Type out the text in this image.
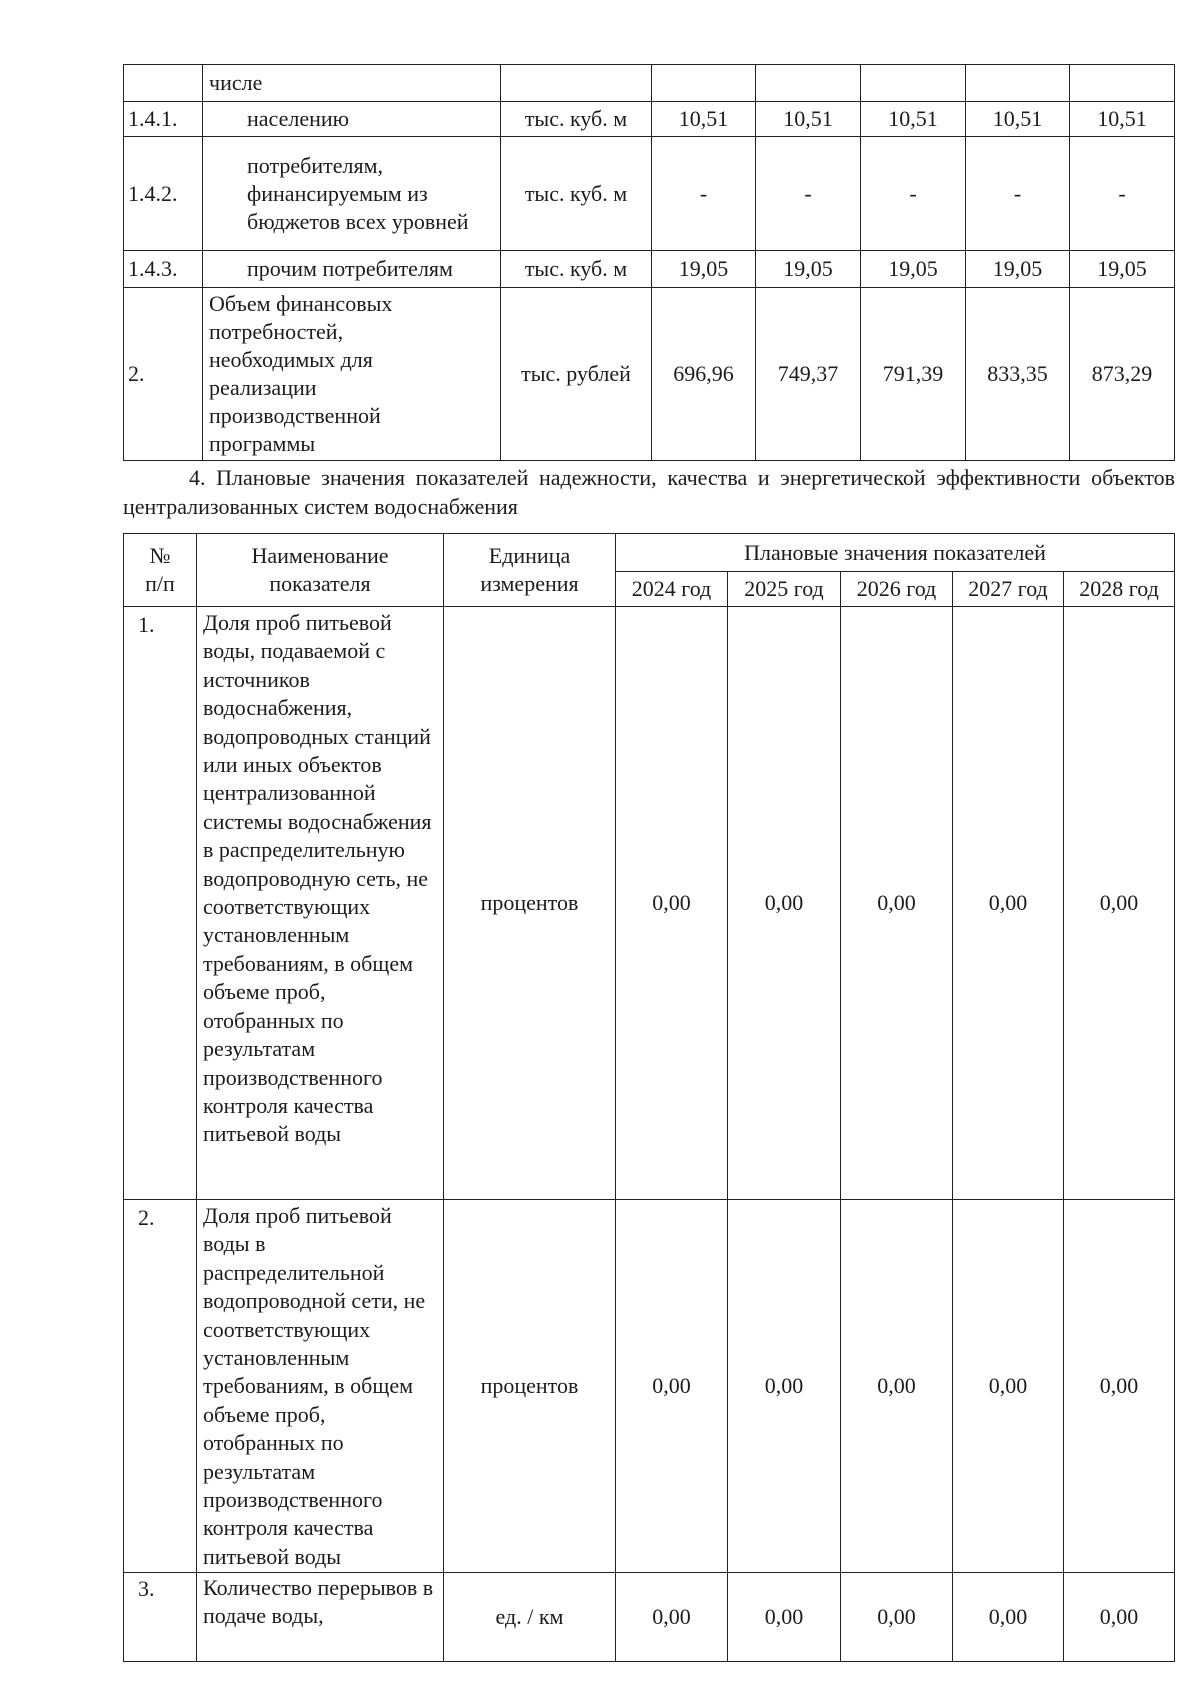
	числе						
1.4.1.	населению	тыс. куб. м	10,51	10,51	10,51	10,51	10,51
1.4.2.	потребителям, финансируемым из бюджетов всех уровней	тыс. куб. м	-	-	-	-	-
1.4.3.	прочим потребителям	тыс. куб. м	19,05	19,05	19,05	19,05	19,05
2.	Объем финансовых потребностей, необходимых для реализации производственной программы	тыс. рублей	696,96	749,37	791,39	833,35	873,29
4. Плановые значения показателей надежности, качества и энергетической эффективности объектов централизованных систем водоснабжения
№ п/п	Наименование показателя	Единица измерения	Плановые значения показателей				
			2024 год	2025 год	2026 год	2027 год	2028 год
1.	Доля проб питьевой воды, подаваемой с источников водоснабжения, водопроводных станций или иных объектов централизованной системы водоснабжения в распределительную водопроводную сеть, не соответствующих установленным требованиям, в общем объеме проб, отобранных по результатам производственного контроля качества питьевой воды	процентов	0,00	0,00	0,00	0,00	0,00
2.	Доля проб питьевой воды в распределительной водопроводной сети, не соответствующих установленным требованиям, в общем объеме проб, отобранных по результатам производственного контроля качества питьевой воды	процентов	0,00	0,00	0,00	0,00	0,00
3.	Количество перерывов в подаче воды,	ед. / км	0,00	0,00	0,00	0,00	0,00
